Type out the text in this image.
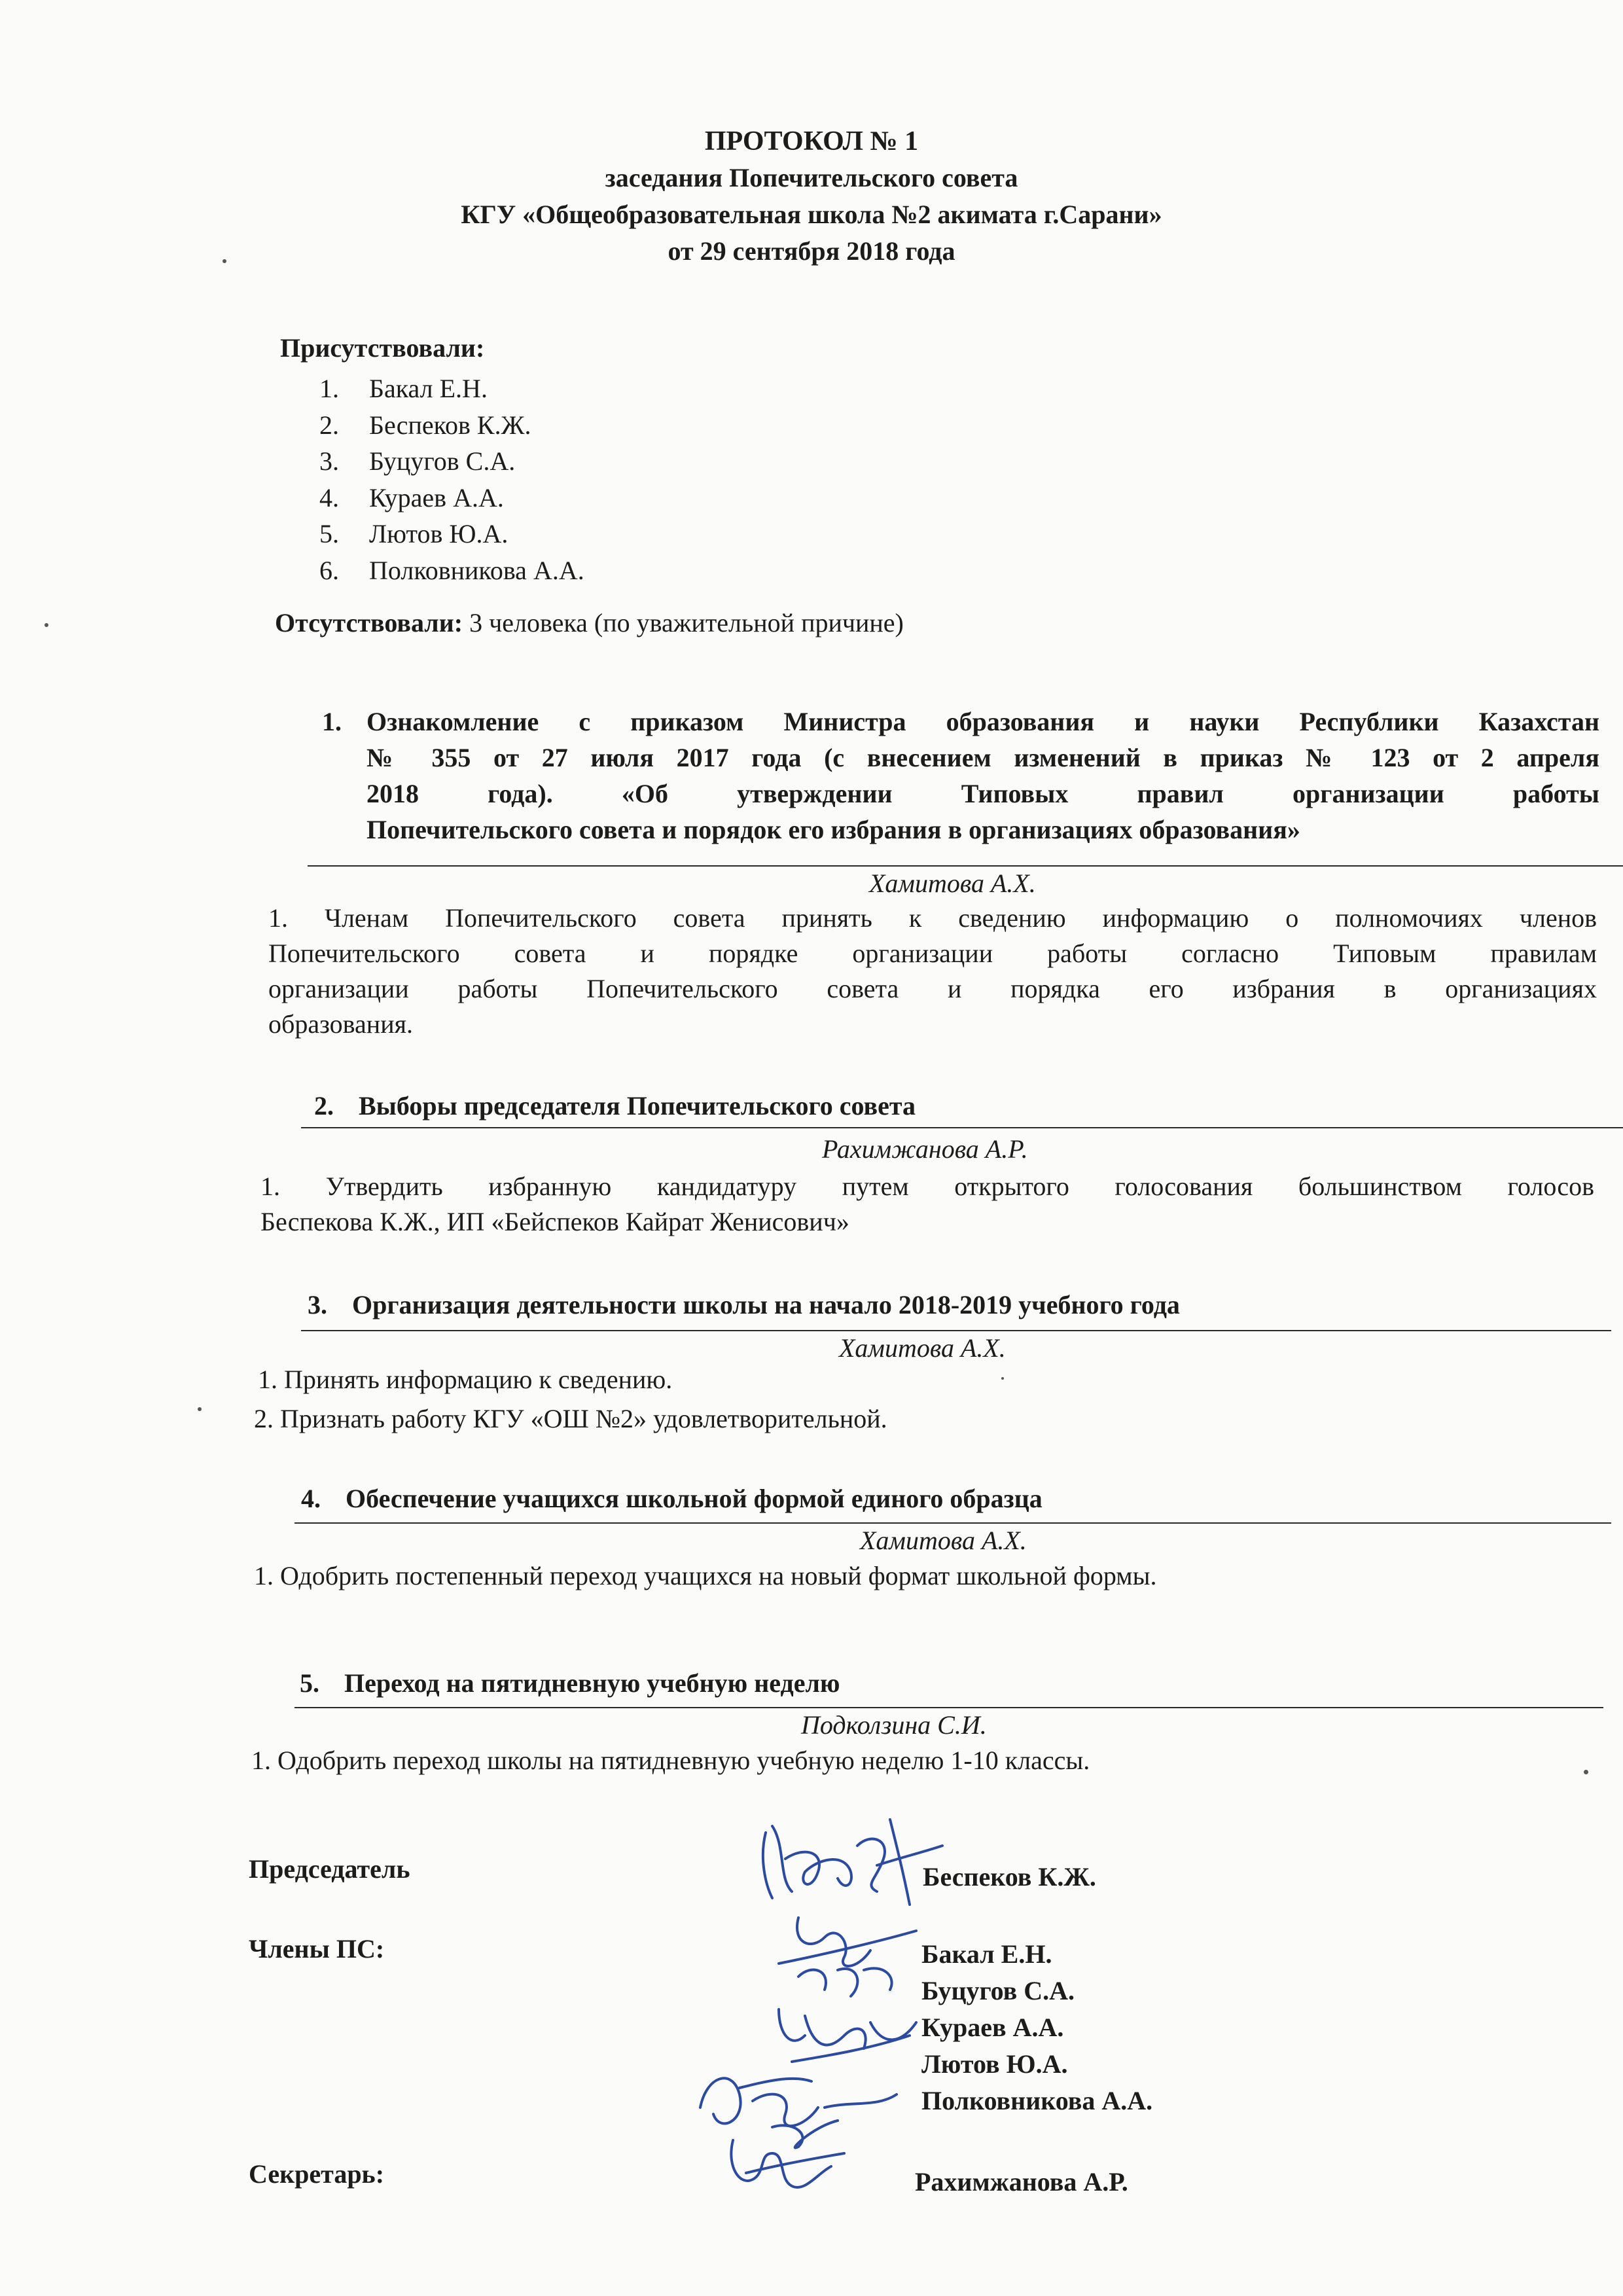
ПРОТОКОЛ № 1
заседания Попечительского совета
КГУ «Общеобразовательная школа №2 акимата г.Сарани»
от 29 сентября 2018 года
Присутствовали:
1.	Бакал Е.Н.
2.	Беспеков К.Ж.
3.	Буцугов С.А.
4.	Кураев А.А.
5.	Лютов Ю.А.
6.	Полковникова А.А.
Отсутствовали: 3 человека (по уважительной причине)
1. Ознакомление с приказом Министра образования и науки Республики Казахстан
№ 355 от 27 июля 2017 года (с внесением изменений в приказ № 123 от 2 апреля
2018 года). «Об утверждении Типовых правил организации работы
Попечительского совета и порядок его избрания в организациях образования»
Хамитова А.Х.
1. Членам Попечительского совета принять к сведению информацию о полномочиях членов
Попечительского совета и порядке организации работы согласно Типовым правилам
организации работы Попечительского совета и порядка его избрания в организациях
образования.
2. Выборы председателя Попечительского совета
Рахимжанова А.Р.
1. Утвердить избранную кандидатуру путем открытого голосования большинством голосов
Беспекова К.Ж., ИП «Бейспеков Кайрат Женисович»
3. Организация деятельности школы на начало 2018-2019 учебного года
Хамитова А.Х.
1. Принять информацию к сведению.
2. Признать работу КГУ «ОШ №2» удовлетворительной.
4. Обеспечение учащихся школьной формой единого образца
Хамитова А.Х.
1. Одобрить постепенный переход учащихся на новый формат школьной формы.
5. Переход на пятидневную учебную неделю
Подколзина С.И.
1. Одобрить переход школы на пятидневную учебную неделю 1-10 классы.
Председатель	Беспеков К.Ж.
Члены ПС:	Бакал Е.Н.
Буцугов С.А.
Кураев А.А.
Лютов Ю.А.
Полковникова А.А.
Секретарь:	Рахимжанова А.Р.
